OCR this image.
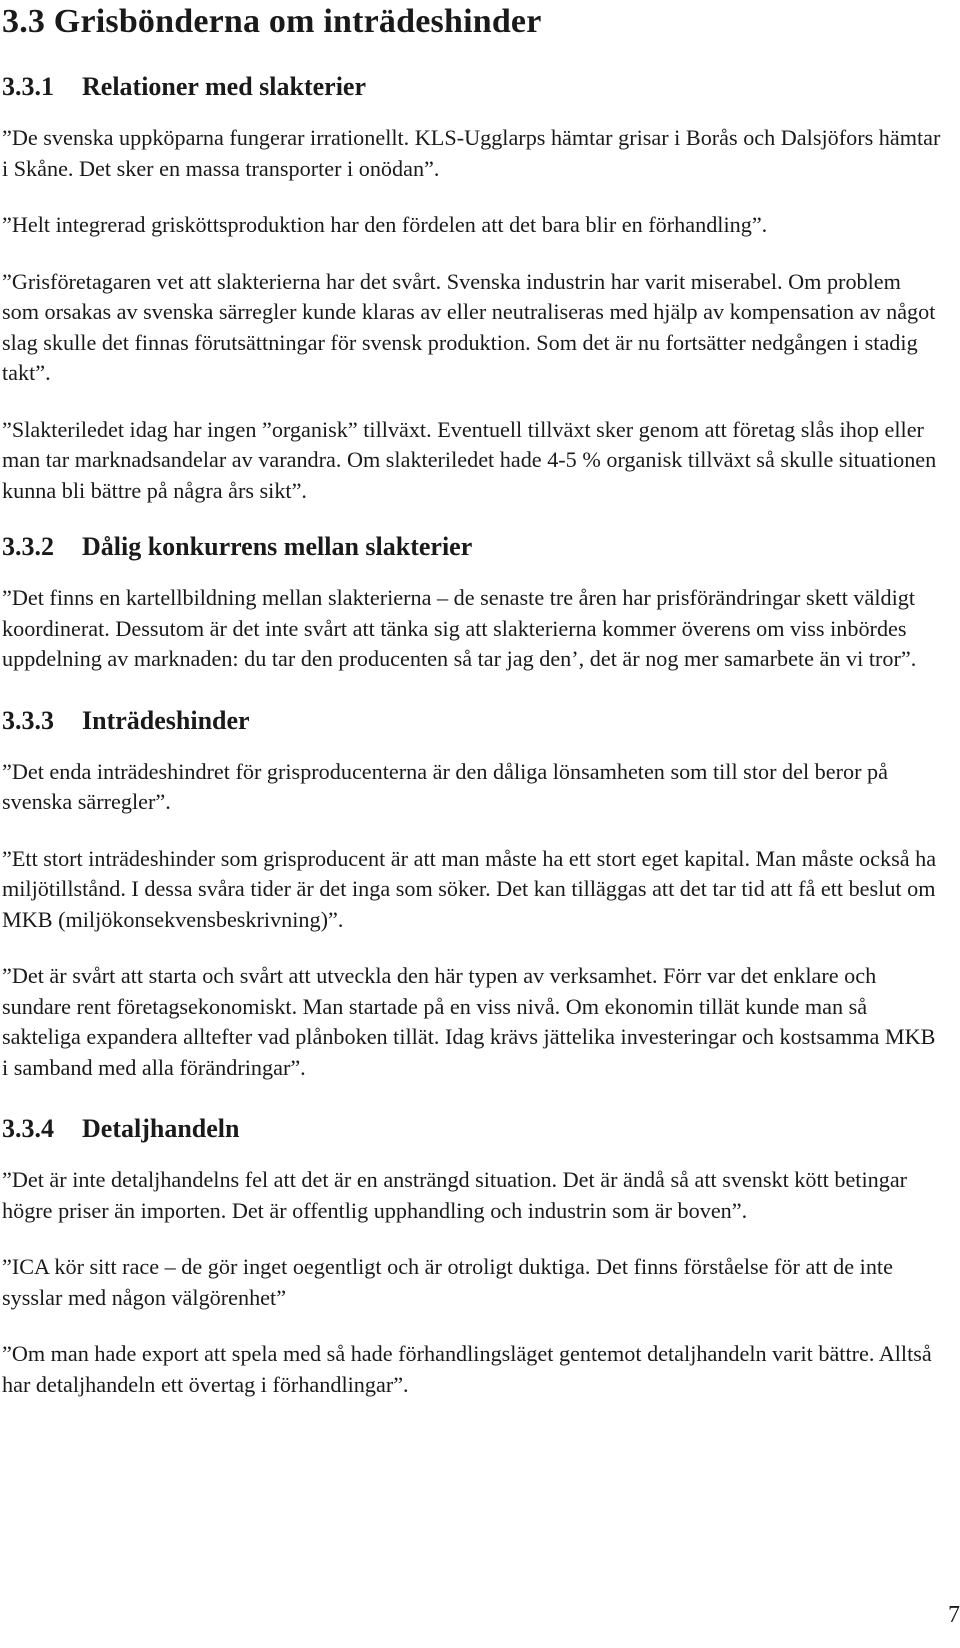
3.3 Grisbönderna om inträdeshinder
3.3.1 Relationer med slakterier

”De svenska uppköparna fungerar irrationellt. KLS-Ugglarps hämtar grisar i Borås och Dalsjöfors hämtar i Skåne. Det sker en massa transporter i onödan”.

”Helt integrerad grisköttsproduktion har den fördelen att det bara blir en förhandling”.

”Grisföretagaren vet att slakterierna har det svårt. Svenska industrin har varit miserabel. Om problem som orsakas av svenska särregler kunde klaras av eller neutraliseras med hjälp av kompensation av något slag skulle det finnas förutsättningar för svensk produktion. Som det är nu fortsätter nedgången i stadig takt”.

”Slakteriledet idag har ingen ”organisk” tillväxt. Eventuell tillväxt sker genom att företag slås ihop eller man tar marknadsandelar av varandra. Om slakteriledet hade 4-5 % organisk tillväxt så skulle situationen kunna bli bättre på några års sikt”.

3.3.2 Dålig konkurrens mellan slakterier

”Det finns en kartellbildning mellan slakterierna – de senaste tre åren har prisförändringar skett väldigt koordinerat. Dessutom är det inte svårt att tänka sig att slakterierna kommer överens om viss inbördes uppdelning av marknaden: du tar den producenten så tar jag den’, det är nog mer samarbete än vi tror”.

3.3.3 Inträdeshinder

”Det enda inträdeshindret för grisproducenterna är den dåliga lönsamheten som till stor del beror på svenska särregler”.

”Ett stort inträdeshinder som grisproducent är att man måste ha ett stort eget kapital. Man måste också ha miljötillstånd. I dessa svåra tider är det inga som söker. Det kan tilläggas att det tar tid att få ett beslut om MKB (miljökonsekvensbeskrivning)”.

”Det är svårt att starta och svårt att utveckla den här typen av verksamhet. Förr var det enklare och sundare rent företagsekonomiskt. Man startade på en viss nivå. Om ekonomin tillät kunde man så sakteliga expandera alltefter vad plånboken tillät. Idag krävs jättelika investeringar och kostsamma MKB i samband med alla förändringar”.

3.3.4 Detaljhandeln

”Det är inte detaljhandelns fel att det är en ansträngd situation. Det är ändå så att svenskt kött betingar högre priser än importen. Det är offentlig upphandling och industrin som är boven”.

”ICA kör sitt race – de gör inget oegentligt och är otroligt duktiga. Det finns förståelse för att de inte sysslar med någon välgörenhet”

”Om man hade export att spela med så hade förhandlingsläget gentemot detaljhandeln varit bättre. Alltså har detaljhandeln ett övertag i förhandlingar”.

7
